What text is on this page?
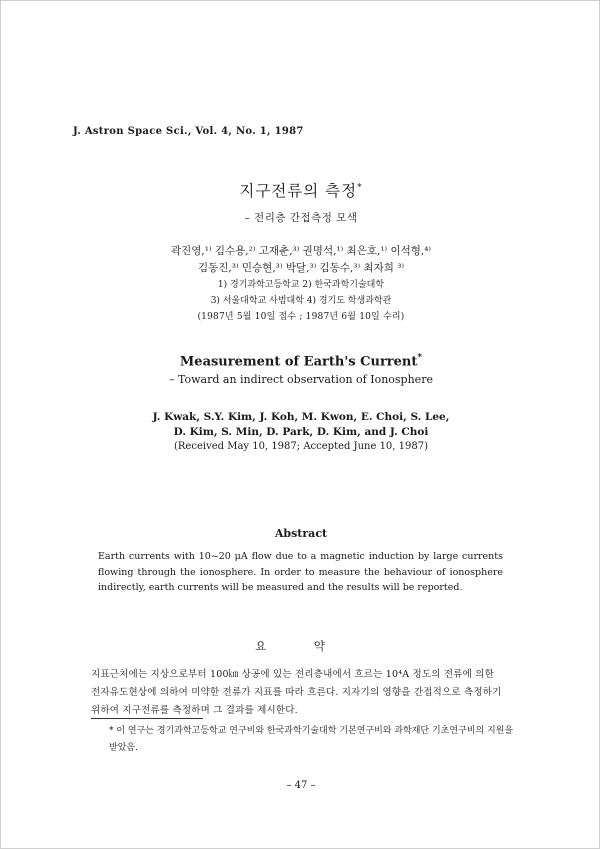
J. Astron Space Sci., Vol. 4, No. 1, 1987
지구전류의 측정*
– 전리층 간접측정 모색
곽진영,¹⁾ 김수용,²⁾ 고재춘,³⁾ 권명석,¹⁾ 최은호,¹⁾ 이석형,⁴⁾
김동진,³⁾ 민승현,³⁾ 박달,³⁾ 김동수,³⁾ 최자희 ³⁾
1) 경기과학고등학교 2) 한국과학기술대학
3) 서울대학교 사범대학 4) 경기도 학생과학관
(1987년 5월 10일 접수 ; 1987년 6월 10일 수리)
Measurement of Earth's Current*
– Toward an indirect observation of Ionosphere
J. Kwak, S.Y. Kim, J. Koh, M. Kwon, E. Choi, S. Lee,
D. Kim, S. Min, D. Park, D. Kim, and J. Choi
(Received May 10, 1987; Accepted June 10, 1987)
Abstract
Earth currents with 10~20 μA flow due to a magnetic induction by large currents flowing through the ionosphere. In order to measure the behaviour of ionosphere indirectly, earth currents will be measured and the results will be reported.
요 약
지표근처에는 지상으로부터 100㎞ 상공에 있는 전리층내에서 흐르는 10⁴A 정도의 전류에 의한 전자유도현상에 의하여 미약한 전류가 지표를 따라 흐른다. 지자기의 영향을 간접적으로 측정하기 위하여 지구전류를 측정하며 그 결과를 제시한다.
* 이 연구는 경기과학고등학교 연구비와 한국과학기술대학 기본연구비와 과학재단 기초연구비의 지원을 받았음.
– 47 –
